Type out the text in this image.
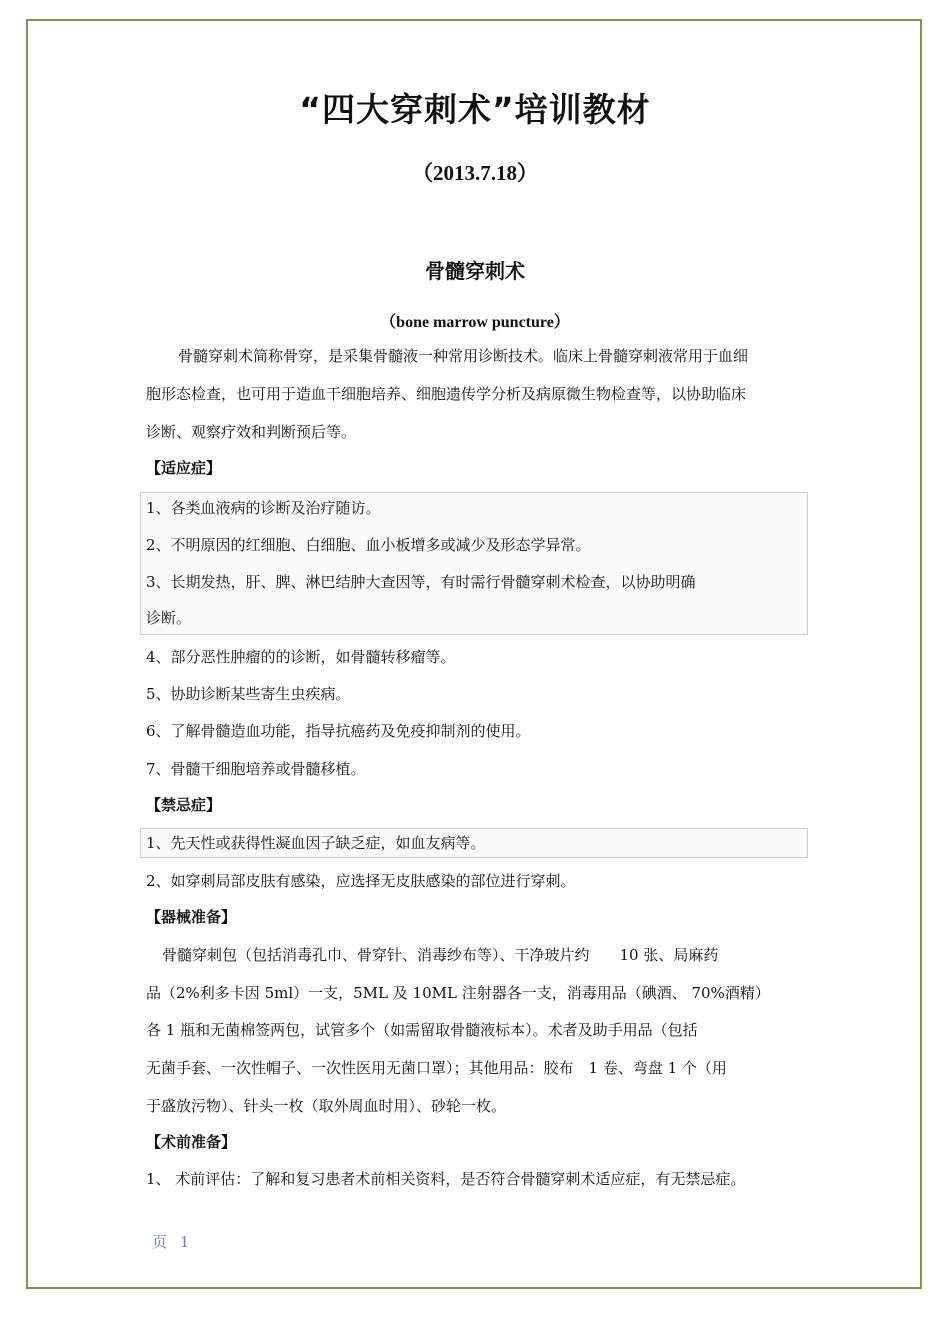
“四大穿刺术”培训教材
（2013.7.18）
骨髓穿刺术
（bone marrow puncture）
骨髓穿刺术简称骨穿，是采集骨髓液一种常用诊断技术。临床上骨髓穿刺液常用于血细
胞形态检查，也可用于造血干细胞培养、细胞遗传学分析及病原微生物检查等，以协助临床
诊断、观察疗效和判断预后等。
【适应症】
1、各类血液病的诊断及治疗随访。
2、不明原因的红细胞、白细胞、血小板增多或减少及形态学异常。
3、长期发热，肝、脾、淋巴结肿大查因等，有时需行骨髓穿刺术检查，以协助明确
诊断。
4、部分恶性肿瘤的的诊断，如骨髓转移瘤等。
5、协助诊断某些寄生虫疾病。
6、了解骨髓造血功能，指导抗癌药及免疫抑制剂的使用。
7、骨髓干细胞培养或骨髓移植。
【禁忌症】
1、先天性或获得性凝血因子缺乏症，如血友病等。
2、如穿刺局部皮肤有感染，应选择无皮肤感染的部位进行穿刺。
【器械准备】
骨髓穿刺包（包括消毒孔巾、骨穿针、消毒纱布等）、干净玻片约　　10 张、局麻药
品（2%利多卡因 5ml）一支，5ML 及 10ML 注射器各一支，消毒用品（碘酒、 70%酒精）
各 1 瓶和无菌棉签两包，试管多个（如需留取骨髓液标本）。术者及助手用品（包括
无菌手套、一次性帽子、一次性医用无菌口罩）；其他用品：胶布　1 卷、弯盘 1 个（用
于盛放污物）、针头一枚（取外周血时用）、砂轮一枚。
【术前准备】
1、 术前评估：了解和复习患者术前相关资料，是否符合骨髓穿刺术适应症，有无禁忌症。
页 1
